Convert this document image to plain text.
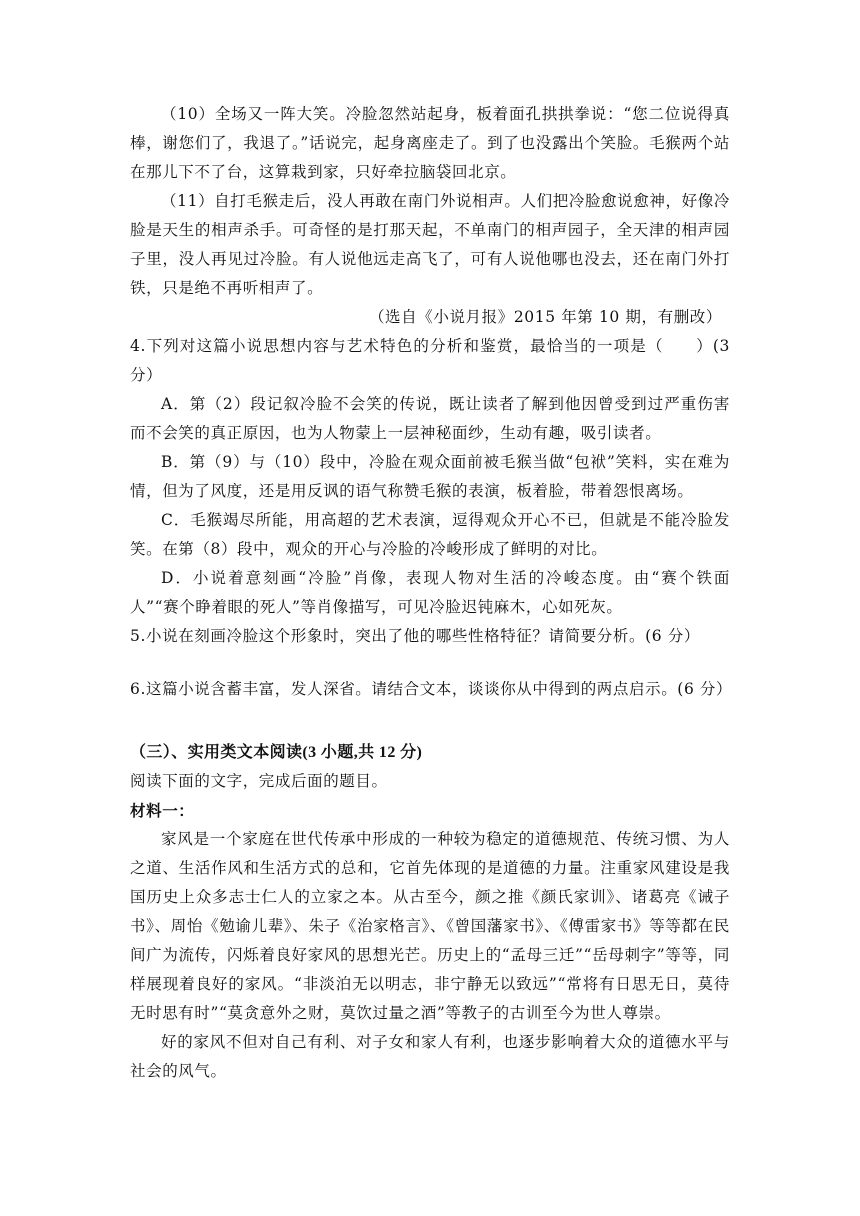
（10）全场又一阵大笑。冷脸忽然站起身，板着面孔拱拱拳说：“您二位说得真棒，谢您们了，我退了。”话说完，起身离座走了。到了也没露出个笑脸。毛猴两个站在那儿下不了台，这算栽到家，只好牵拉脑袋回北京。

（11）自打毛猴走后，没人再敢在南门外说相声。人们把冷脸愈说愈神，好像冷脸是天生的相声杀手。可奇怪的是打那天起，不单南门的相声园子，全天津的相声园子里，没人再见过冷脸。有人说他远走高飞了，可有人说他哪也没去，还在南门外打铁，只是绝不再听相声了。

（选自《小说月报》2015 年第 10 期，有删改）

4.下列对这篇小说思想内容与艺术特色的分析和鉴赏，最恰当的一项是（ ）(3 分）

A．第（2）段记叙冷脸不会笑的传说，既让读者了解到他因曾受到过严重伤害而不会笑的真正原因，也为人物蒙上一层神秘面纱，生动有趣，吸引读者。

B．第（9）与（10）段中，冷脸在观众面前被毛猴当做“包袱”笑料，实在难为情，但为了风度，还是用反讽的语气称赞毛猴的表演，板着脸，带着怨恨离场。

C．毛猴竭尽所能，用高超的艺术表演，逗得观众开心不已，但就是不能冷脸发笑。在第（8）段中，观众的开心与冷脸的冷峻形成了鲜明的对比。

D．小说着意刻画“冷脸”肖像，表现人物对生活的冷峻态度。由“赛个铁面人”“赛个睁着眼的死人”等肖像描写，可见冷脸迟钝麻木，心如死灰。

5.小说在刻画冷脸这个形象时，突出了他的哪些性格特征？请简要分析。(6 分）

6.这篇小说含蓄丰富，发人深省。请结合文本，谈谈你从中得到的两点启示。(6 分）

（三）、实用类文本阅读(3 小题,共 12 分)

阅读下面的文字，完成后面的题目。

材料一：

家风是一个家庭在世代传承中形成的一种较为稳定的道德规范、传统习惯、为人之道、生活作风和生活方式的总和，它首先体现的是道德的力量。注重家风建设是我国历史上众多志士仁人的立家之本。从古至今，颜之推《颜氏家训》、诸葛亮《诫子书》、周怡《勉谕儿辈》、朱子《治家格言》、《曾国藩家书》、《傅雷家书》等等都在民间广为流传，闪烁着良好家风的思想光芒。历史上的“孟母三迁”“岳母刺字”等等，同样展现着良好的家风。“非淡泊无以明志，非宁静无以致远”“常将有日思无日，莫待无时思有时”“莫贪意外之财，莫饮过量之酒”等教子的古训至今为世人尊崇。

好的家风不但对自己有利、对子女和家人有利，也逐步影响着大众的道德水平与社会的风气。
